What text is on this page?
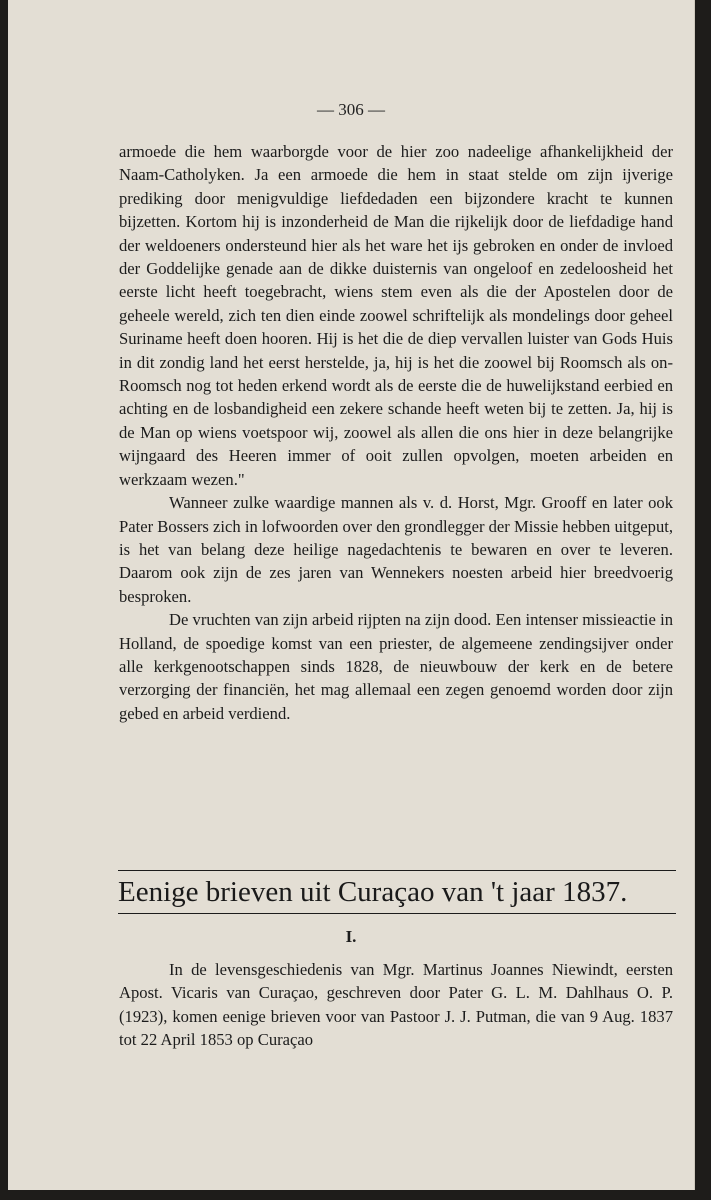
— 306 —

armoede die hem waarborgde voor de hier zoo nadeelige afhankelijkheid der Naam-Catholyken. Ja een armoede die hem in staat stelde om zijn ijverige prediking door menigvuldige liefdedaden een bijzondere kracht te kunnen bijzetten. Kortom hij is inzonderheid de Man die rijkelijk door de liefdadige hand der weldoeners ondersteund hier als het ware het ijs gebroken en onder de invloed der Goddelijke genade aan de dikke duisternis van ongeloof en zedeloosheid het eerste licht heeft toegebracht, wiens stem even als die der Apostelen door de geheele wereld, zich ten dien einde zoowel schriftelijk als mondelings door geheel Suriname heeft doen hooren. Hij is het die de diep vervallen luister van Gods Huis in dit zondig land het eerst herstelde, ja, hij is het die zoowel bij Roomsch als on-Roomsch nog tot heden erkend wordt als de eerste die de huwelijkstand eerbied en achting en de losbandigheid een zekere schande heeft weten bij te zetten. Ja, hij is de Man op wiens voetspoor wij, zoowel als allen die ons hier in deze belangrijke wijngaard des Heeren immer of ooit zullen opvolgen, moeten arbeiden en werkzaam wezen."

Wanneer zulke waardige mannen als v. d. Horst, Mgr. Grooff en later ook Pater Bossers zich in lofwoorden over den grondlegger der Missie hebben uitgeput, is het van belang deze heilige nagedachtenis te bewaren en over te leveren. Daarom ook zijn de zes jaren van Wennekers noesten arbeid hier breedvoerig besproken.

De vruchten van zijn arbeid rijpten na zijn dood. Een intenser missieactie in Holland, de spoedige komst van een priester, de algemeene zendingsijver onder alle kerkgenootschappen sinds 1828, de nieuwbouw der kerk en de betere verzorging der financiën, het mag allemaal een zegen genoemd worden door zijn gebed en arbeid verdiend.

Eenige brieven uit Curaçao van 't jaar 1837.
I.

In de levensgeschiedenis van Mgr. Martinus Joannes Niewindt, eersten Apost. Vicaris van Curaçao, geschreven door Pater G. L. M. Dahlhaus O. P. (1923), komen eenige brieven voor van Pastoor J. J. Putman, die van 9 Aug. 1837 tot 22 April 1853 op Curaçao
